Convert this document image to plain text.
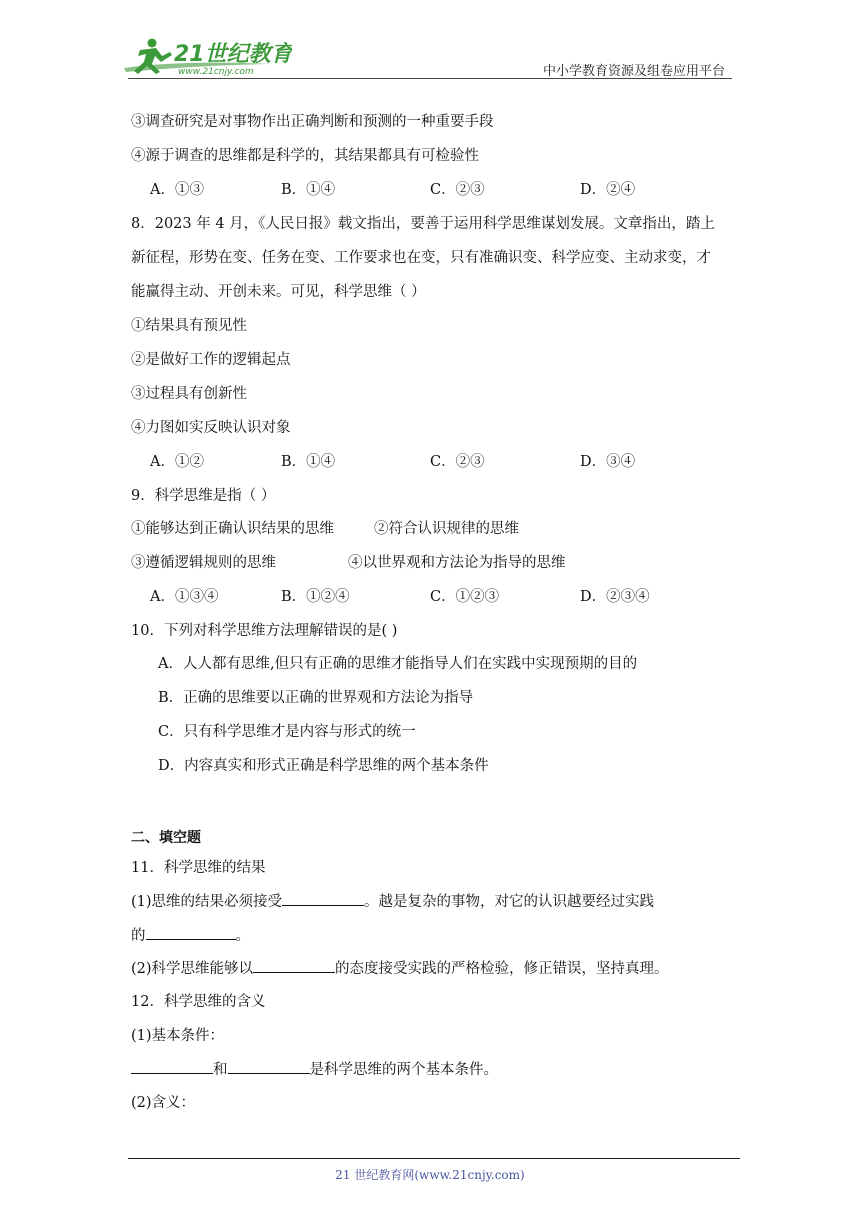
21世纪教育
www.21cnjy.com	中小学教育资源及组卷应用平台
③调查研究是对事物作出正确判断和预测的一种重要手段
④源于调查的思维都是科学的，其结果都具有可检验性
A．①③	B．①④	C．②③	D．②④
8．2023 年 4 月，《人民日报》载文指出，要善于运用科学思维谋划发展。文章指出，踏上
新征程，形势在变、任务在变、工作要求也在变，只有准确识变、科学应变、主动求变，才
能赢得主动、开创未来。可见，科学思维（ ）
①结果具有预见性
②是做好工作的逻辑起点
③过程具有创新性
④力图如实反映认识对象
A．①②	B．①④	C．②③	D．③④
9．科学思维是指（ ）
①能够达到正确认识结果的思维	②符合认识规律的思维
③遵循逻辑规则的思维	④以世界观和方法论为指导的思维
A．①③④	B．①②④	C．①②③	D．②③④
10．下列对科学思维方法理解错误的是( )
A．人人都有思维,但只有正确的思维才能指导人们在实践中实现预期的目的
B．正确的思维要以正确的世界观和方法论为指导
C．只有科学思维才是内容与形式的统一
D．内容真实和形式正确是科学思维的两个基本条件
二、填空题
11．科学思维的结果
(1)思维的结果必须接受	。越是复杂的事物，对它的认识越要经过实践
的	。
(2)科学思维能够以	的态度接受实践的严格检验，修正错误，坚持真理。
12．科学思维的含义
(1)基本条件：
和	是科学思维的两个基本条件。
(2)含义：
21 世纪教育网(www.21cnjy.com)
